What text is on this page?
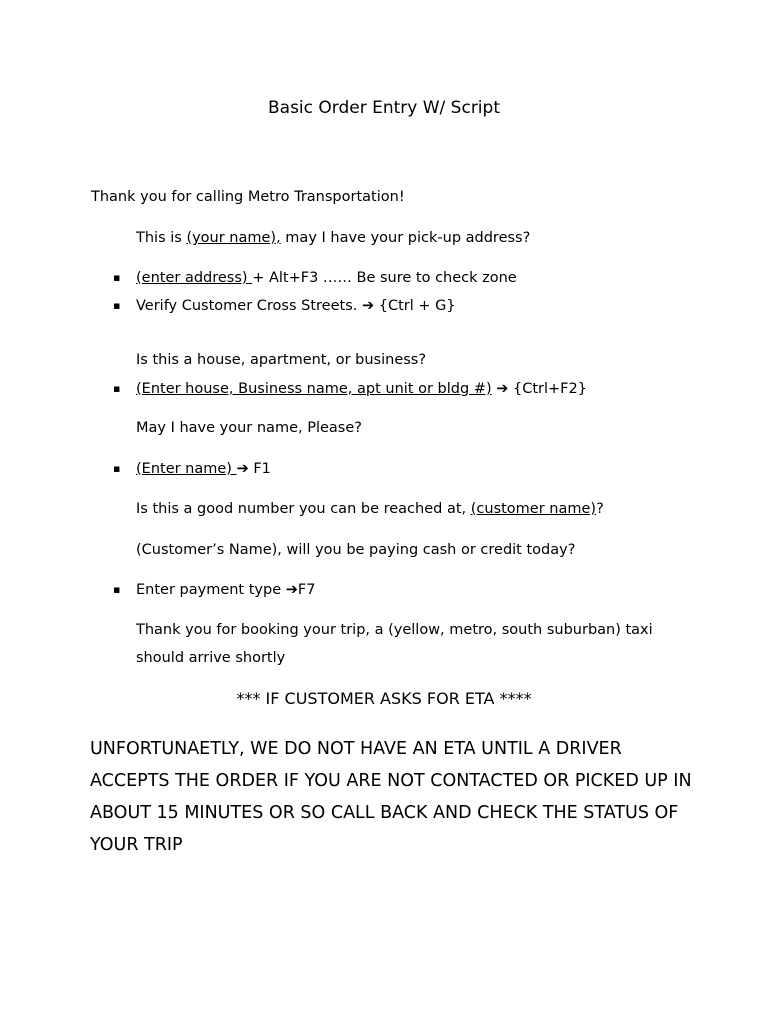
Basic Order Entry W/ Script
Thank you for calling Metro Transportation!
This is (your name), may I have your pick-up address?
▪ (enter address) + Alt+F3 …… Be sure to check zone
▪ Verify Customer Cross Streets. ➔ {Ctrl + G}
Is this a house, apartment, or business?
▪ (Enter house, Business name, apt unit or bldg #) ➔ {Ctrl+F2}
May I have your name, Please?
▪ (Enter name) ➔ F1
Is this a good number you can be reached at, (customer name)?
(Customer’s Name), will you be paying cash or credit today?
▪ Enter payment type ➔F7
Thank you for booking your trip, a (yellow, metro, south suburban) taxi
should arrive shortly
*** IF CUSTOMER ASKS FOR ETA ****
UNFORTUNAETLY, WE DO NOT HAVE AN ETA UNTIL A DRIVER
ACCEPTS THE ORDER IF YOU ARE NOT CONTACTED OR PICKED UP IN
ABOUT 15 MINUTES OR SO CALL BACK AND CHECK THE STATUS OF
YOUR TRIP
